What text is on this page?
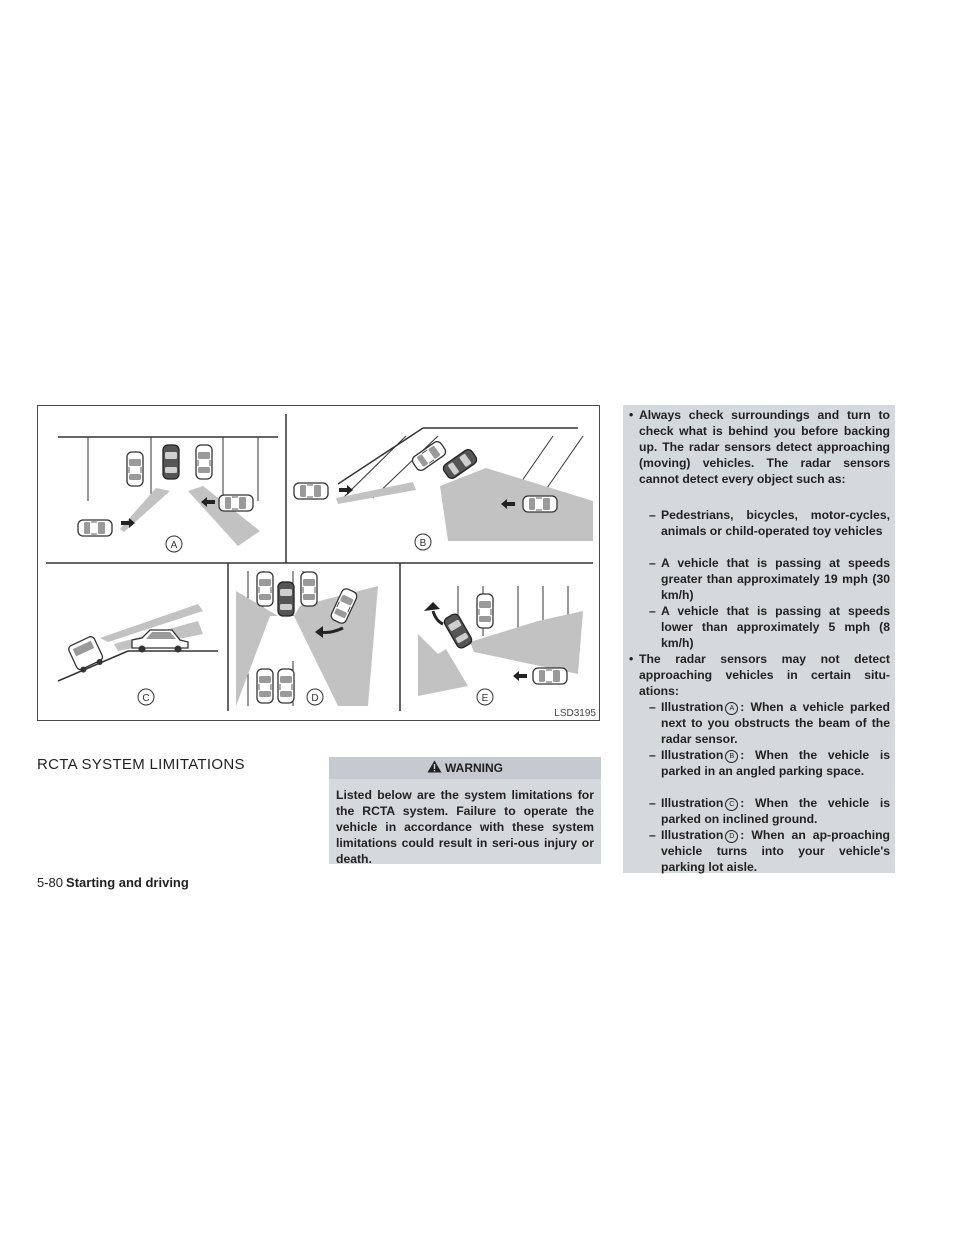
A	B
C	D	E
LSD3195
RCTA SYSTEM LIMITATIONS	WARNING

Listed below are the system limitations for the RCTA system. Failure to operate the vehicle in accordance with these system limitations could result in seri-ous injury or death.

• Always check surroundings and turn to check what is behind you before backing up. The radar sensors detect approaching (moving) vehicles. The radar sensors cannot detect every object such as:
– Pedestrians, bicycles, motor-cycles, animals or child-operated toy vehicles
– A vehicle that is passing at speeds greater than approximately 19 mph (30 km/h)
– A vehicle that is passing at speeds lower than approximately 5 mph (8 km/h)
• The radar sensors may not detect approaching vehicles in certain situ-ations:
– Illustration A : When a vehicle parked next to you obstructs the beam of the radar sensor.
– Illustration B : When the vehicle is parked in an angled parking space.
– Illustration C : When the vehicle is parked on inclined ground.
– Illustration D : When an ap-proaching vehicle turns into your vehicle's parking lot aisle.
5-80 Starting and driving
